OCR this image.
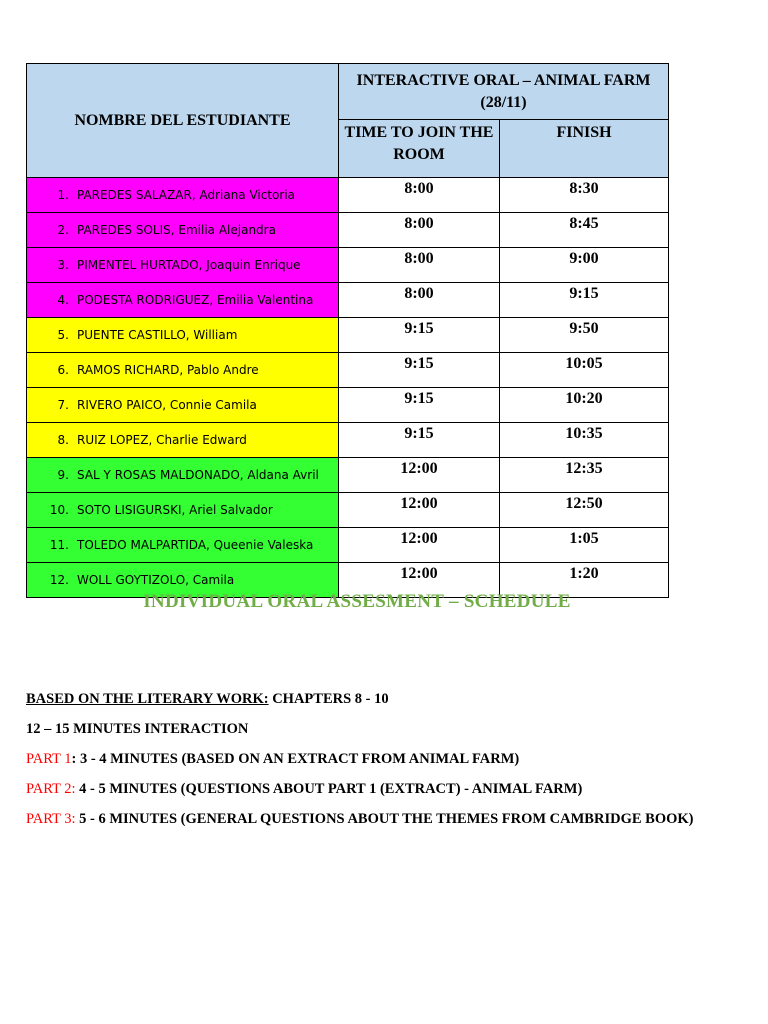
NOMBRE DEL ESTUDIANTE	INTERACTIVE ORAL – ANIMAL FARM (28/11)	
	TIME TO JOIN THE ROOM	FINISH
1. PAREDES SALAZAR, Adriana Victoria	8:00	8:30
2. PAREDES SOLIS, Emilia Alejandra	8:00	8:45
3. PIMENTEL HURTADO, Joaquin Enrique	8:00	9:00
4. PODESTA RODRIGUEZ, Emilia Valentina	8:00	9:15
5. PUENTE CASTILLO, William	9:15	9:50
6. RAMOS RICHARD, Pablo Andre	9:15	10:05
7. RIVERO PAICO, Connie Camila	9:15	10:20
8. RUIZ LOPEZ, Charlie Edward	9:15	10:35
9. SAL Y ROSAS MALDONADO, Aldana Avril	12:00	12:35
10. SOTO LISIGURSKI, Ariel Salvador	12:00	12:50
11. TOLEDO MALPARTIDA, Queenie Valeska	12:00	1:05
12. WOLL GOYTIZOLO, Camila	12:00	1:20
INDIVIDUAL ORAL ASSESMENT – SCHEDULE

BASED ON THE LITERARY WORK: CHAPTERS 8 - 10

12 – 15 MINUTES INTERACTION

PART 1: 3 - 4 MINUTES (BASED ON AN EXTRACT FROM ANIMAL FARM)

PART 2: 4 - 5 MINUTES (QUESTIONS ABOUT PART 1 (EXTRACT) - ANIMAL FARM)

PART 3: 5 - 6 MINUTES (GENERAL QUESTIONS ABOUT THE THEMES FROM CAMBRIDGE BOOK)
